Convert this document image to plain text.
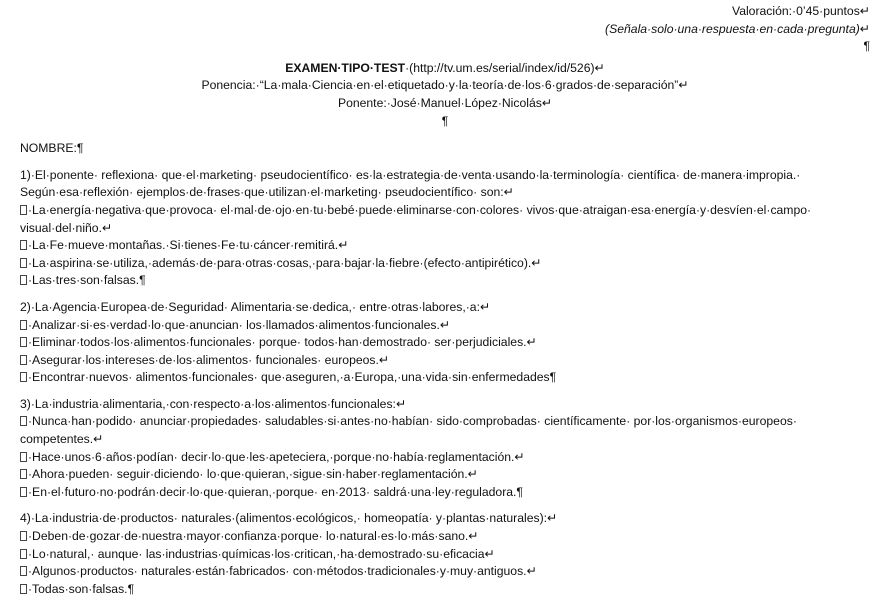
Valoración:·0’45·puntos↵
(Señala·solo·una·respuesta·en·cada·pregunta)↵
¶
EXAMEN·TIPO·TEST·(http://tv.um.es/serial/index/id/526)↵
Ponencia:·“La·mala·Ciencia·en·el·etiquetado·y·la·teoría·de·los·6·grados·de·separación”↵
Ponente:·José·Manuel·López·Nicolás↵
¶
NOMBRE:¶
1)·El·ponente· reflexiona· que·el·marketing· pseudocientífico· es·la·estrategia·de·venta·usando·la·terminología· científica· de·manera·impropia.·
Según·esa·reflexión· ejemplos·de·frases·que·utilizan·el·marketing· pseudocientífico· son:↵
·La·energía·negativa·que·provoca· el·mal·de·ojo·en·tu·bebé·puede·eliminarse·con·colores· vivos·que·atraigan·esa·energía·y·desvíen·el·campo·
visual·del·niño.↵
·La·Fe·mueve·montañas.·Si·tienes·Fe·tu·cáncer·remitirá.↵
·La·aspirina·se·utiliza,·además·de·para·otras·cosas,·para·bajar·la·fiebre·(efecto·antipirético).↵
·Las·tres·son·falsas.¶
2)·La·Agencia·Europea·de·Seguridad· Alimentaria·se·dedica,· entre·otras·labores,·a:↵
·Analizar·si·es·verdad·lo·que·anuncian· los·llamados·alimentos·funcionales.↵
·Eliminar·todos·los·alimentos·funcionales· porque· todos·han·demostrado· ser·perjudiciales.↵
·Asegurar·los·intereses·de·los·alimentos· funcionales· europeos.↵
·Encontrar·nuevos· alimentos·funcionales· que·aseguren,·a·Europa,·una·vida·sin·enfermedades¶
3)·La·industria·alimentaria,·con·respecto·a·los·alimentos·funcionales:↵
·Nunca·han·podido· anunciar·propiedades· saludables·si·antes·no·habían· sido·comprobadas· científicamente· por·los·organismos·europeos·
competentes.↵
·Hace·unos·6·años·podían· decir·lo·que·les·apeteciera,·porque·no·había·reglamentación.↵
·Ahora·pueden· seguir·diciendo· lo·que·quieran,·sigue·sin·haber·reglamentación.↵
·En·el·futuro·no·podrán·decir·lo·que·quieran,·porque· en·2013· saldrá·una·ley·reguladora.¶
4)·La·industria·de·productos· naturales·(alimentos·ecológicos,· homeopatía· y·plantas·naturales):↵
·Deben·de·gozar·de·nuestra·mayor·confianza·porque· lo·natural·es·lo·más·sano.↵
·Lo·natural,· aunque· las·industrias·químicas·los·critican,·ha·demostrado·su·eficacia↵
·Algunos·productos· naturales·están·fabricados· con·métodos·tradicionales·y·muy·antiguos.↵
·Todas·son·falsas.¶
